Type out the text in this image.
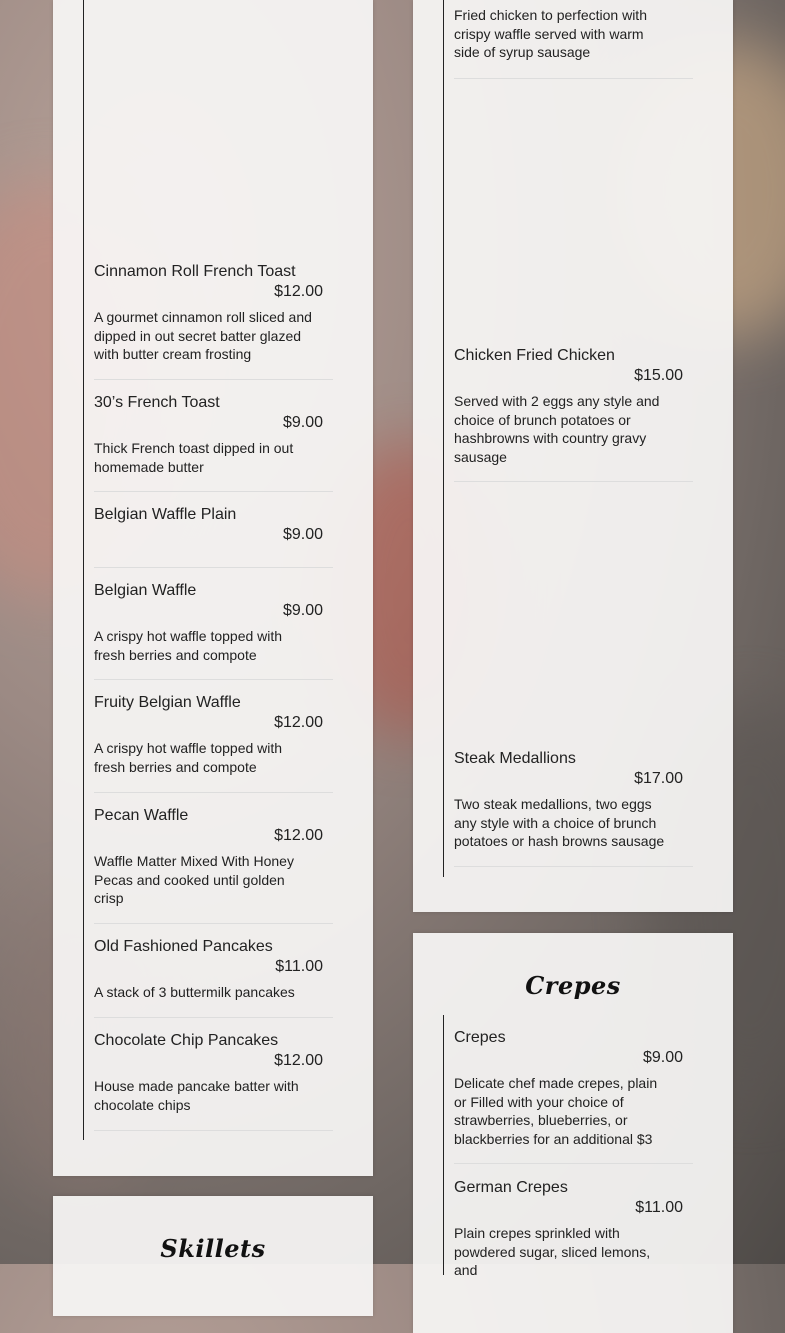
Cinnamon Roll French Toast
$12.00
A gourmet cinnamon roll sliced and dipped in out secret batter glazed with butter cream frosting
30’s French Toast
$9.00
Thick French toast dipped in out homemade butter
Belgian Waffle Plain
$9.00
Belgian Waffle
$9.00
A crispy hot waffle topped with fresh berries and compote
Fruity Belgian Waffle
$12.00
A crispy hot waffle topped with fresh berries and compote
Pecan Waffle
$12.00
Waffle Matter Mixed With Honey Pecas and cooked until golden crisp
Old Fashioned Pancakes
$11.00
A stack of 3 buttermilk pancakes
Chocolate Chip Pancakes
$12.00
House made pancake batter with chocolate chips
Skillets
Fried chicken to perfection with crispy waffle served with warm side of syrup sausage
Chicken Fried Chicken
$15.00
Served with 2 eggs any style and choice of brunch potatoes or hashbrowns with country gravy sausage
Steak Medallions
$17.00
Two steak medallions, two eggs any style with a choice of brunch potatoes or hash browns sausage
Crepes
Crepes
$9.00
Delicate chef made crepes, plain or Filled with your choice of strawberries, blueberries, or blackberries for an additional $3
German Crepes
$11.00
Plain crepes sprinkled with powdered sugar, sliced lemons, and
